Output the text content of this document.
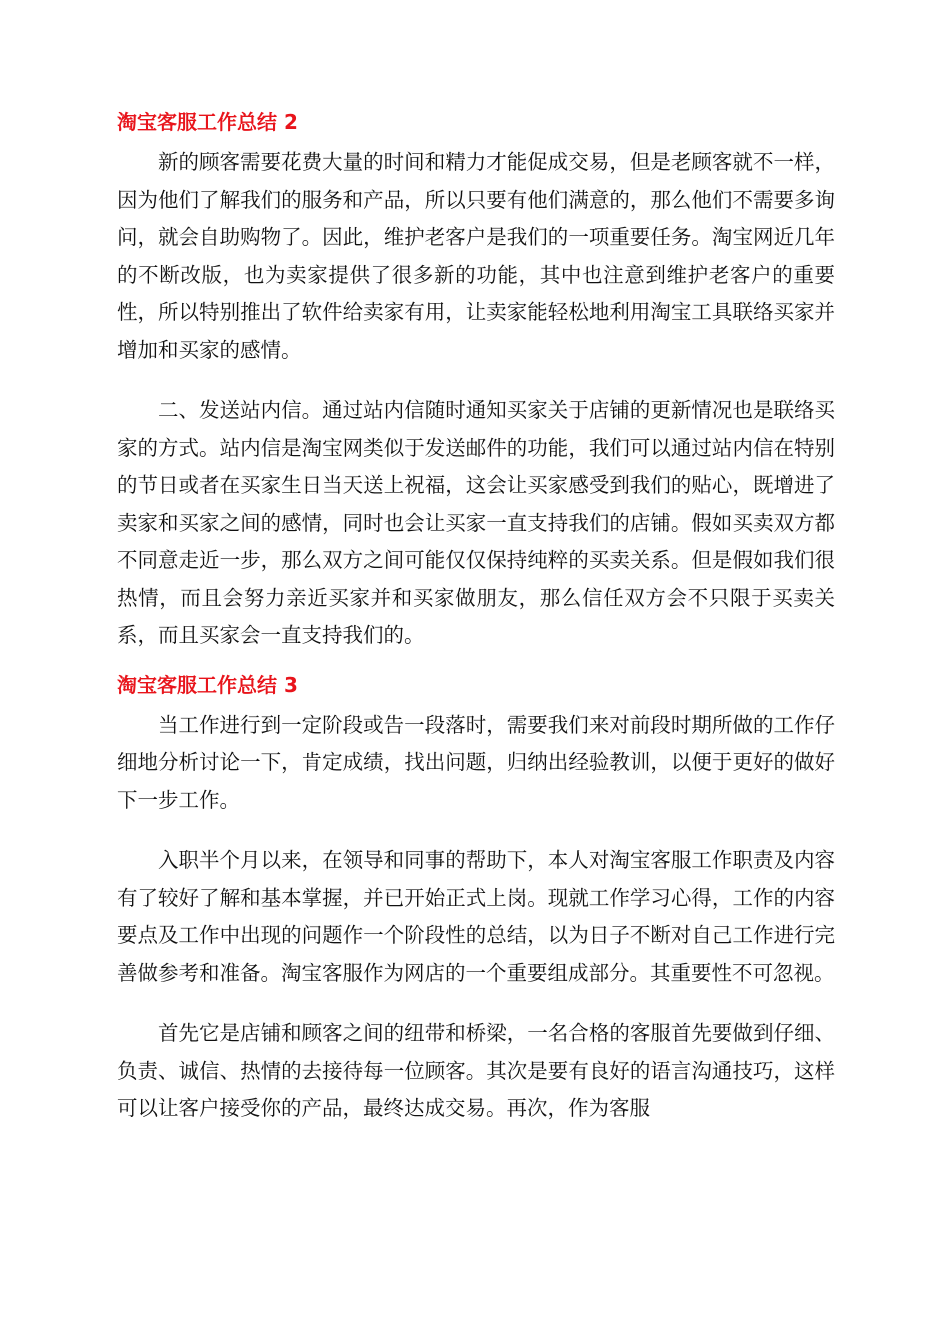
淘宝客服工作总结 2

新的顾客需要花费大量的时间和精力才能促成交易，但是老顾客就不一样，因为他们了解我们的服务和产品，所以只要有他们满意的，那么他们不需要多询问，就会自助购物了。因此，维护老客户是我们的一项重要任务。淘宝网近几年的不断改版，也为卖家提供了很多新的功能，其中也注意到维护老客户的重要性，所以特别推出了软件给卖家有用，让卖家能轻松地利用淘宝工具联络买家并增加和买家的感情。

二、发送站内信。通过站内信随时通知买家关于店铺的更新情况也是联络买家的方式。站内信是淘宝网类似于发送邮件的功能，我们可以通过站内信在特别的节日或者在买家生日当天送上祝福，这会让买家感受到我们的贴心，既增进了卖家和买家之间的感情，同时也会让买家一直支持我们的店铺。假如买卖双方都不同意走近一步，那么双方之间可能仅仅保持纯粹的买卖关系。但是假如我们很热情，而且会努力亲近买家并和买家做朋友，那么信任双方会不只限于买卖关系，而且买家会一直支持我们的。

淘宝客服工作总结 3

当工作进行到一定阶段或告一段落时，需要我们来对前段时期所做的工作仔细地分析讨论一下，肯定成绩，找出问题，归纳出经验教训，以便于更好的做好下一步工作。

入职半个月以来，在领导和同事的帮助下，本人对淘宝客服工作职责及内容有了较好了解和基本掌握，并已开始正式上岗。现就工作学习心得，工作的内容要点及工作中出现的问题作一个阶段性的总结，以为日子不断对自己工作进行完善做参考和准备。淘宝客服作为网店的一个重要组成部分。其重要性不可忽视。

首先它是店铺和顾客之间的纽带和桥梁，一名合格的客服首先要做到仔细、负责、诚信、热情的去接待每一位顾客。其次是要有良好的语言沟通技巧，这样可以让客户接受你的产品，最终达成交易。再次，作为客服
